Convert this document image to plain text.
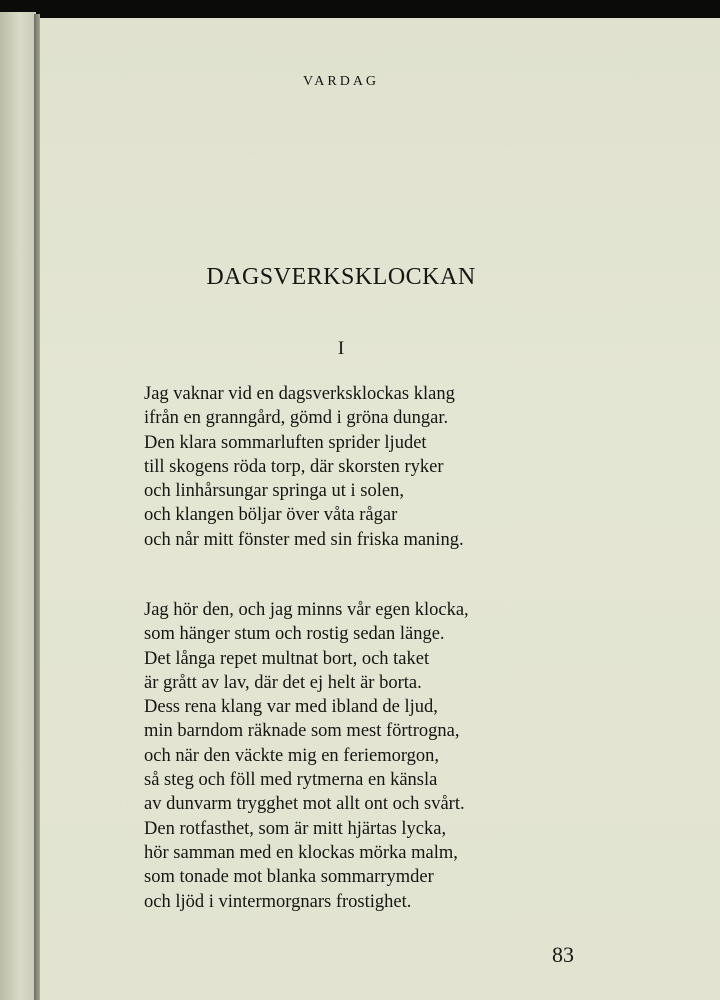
VARDAG
DAGSVERKSKLOCKAN
I
Jag vaknar vid en dagsverksklockas klang
ifrån en granngård, gömd i gröna dungar.
Den klara sommarluften sprider ljudet
till skogens röda torp, där skorsten ryker
och linhårsungar springa ut i solen,
och klangen böljar över våta rågar
och når mitt fönster med sin friska maning.
Jag hör den, och jag minns vår egen klocka,
som hänger stum och rostig sedan länge.
Det långa repet multnat bort, och taket
är grått av lav, där det ej helt är borta.
Dess rena klang var med ibland de ljud,
min barndom räknade som mest förtrogna,
och när den väckte mig en feriemorgon,
så steg och föll med rytmerna en känsla
av dunvarm trygghet mot allt ont och svårt.
Den rotfasthet, som är mitt hjärtas lycka,
hör samman med en klockas mörka malm,
som tonade mot blanka sommarrymder
och ljöd i vintermorgnars frostighet.
83
